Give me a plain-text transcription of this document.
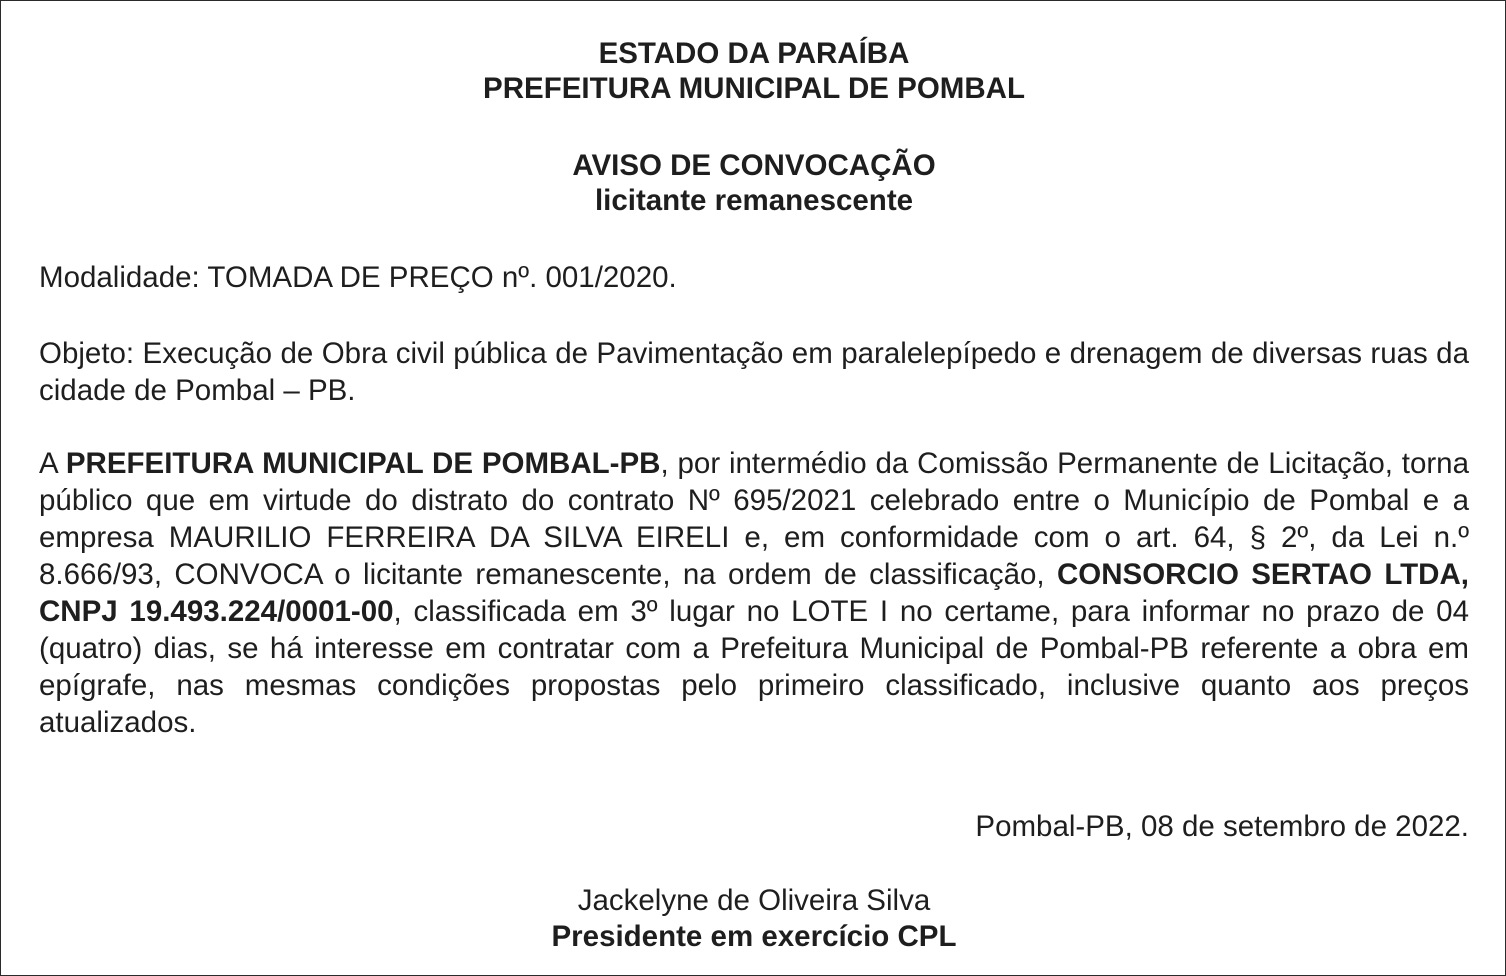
ESTADO DA PARAÍBA
PREFEITURA MUNICIPAL DE POMBAL
AVISO DE CONVOCAÇÃO
licitante remanescente

Modalidade: TOMADA DE PREÇO nº. 001/2020.

Objeto: Execução de Obra civil pública de Pavimentação em paralelepípedo e drenagem de diversas ruas da cidade de Pombal – PB.

A PREFEITURA MUNICIPAL DE POMBAL-PB, por intermédio da Comissão Permanente de Licitação, torna público que em virtude do distrato do contrato Nº 695/2021 celebrado entre o Município de Pombal e a empresa MAURILIO FERREIRA DA SILVA EIRELI e, em conformidade com o art. 64, § 2º, da Lei n.º 8.666/93, CONVOCA o licitante remanescente, na ordem de classificação, CONSORCIO SERTAO LTDA, CNPJ 19.493.224/0001-00, classificada em 3º lugar no LOTE I no certame, para informar no prazo de 04 (quatro) dias, se há interesse em contratar com a Prefeitura Municipal de Pombal-PB referente a obra em epígrafe, nas mesmas condições propostas pelo primeiro classificado, inclusive quanto aos preços atualizados.

Pombal-PB, 08 de setembro de 2022.
Jackelyne de Oliveira Silva
Presidente em exercício CPL
